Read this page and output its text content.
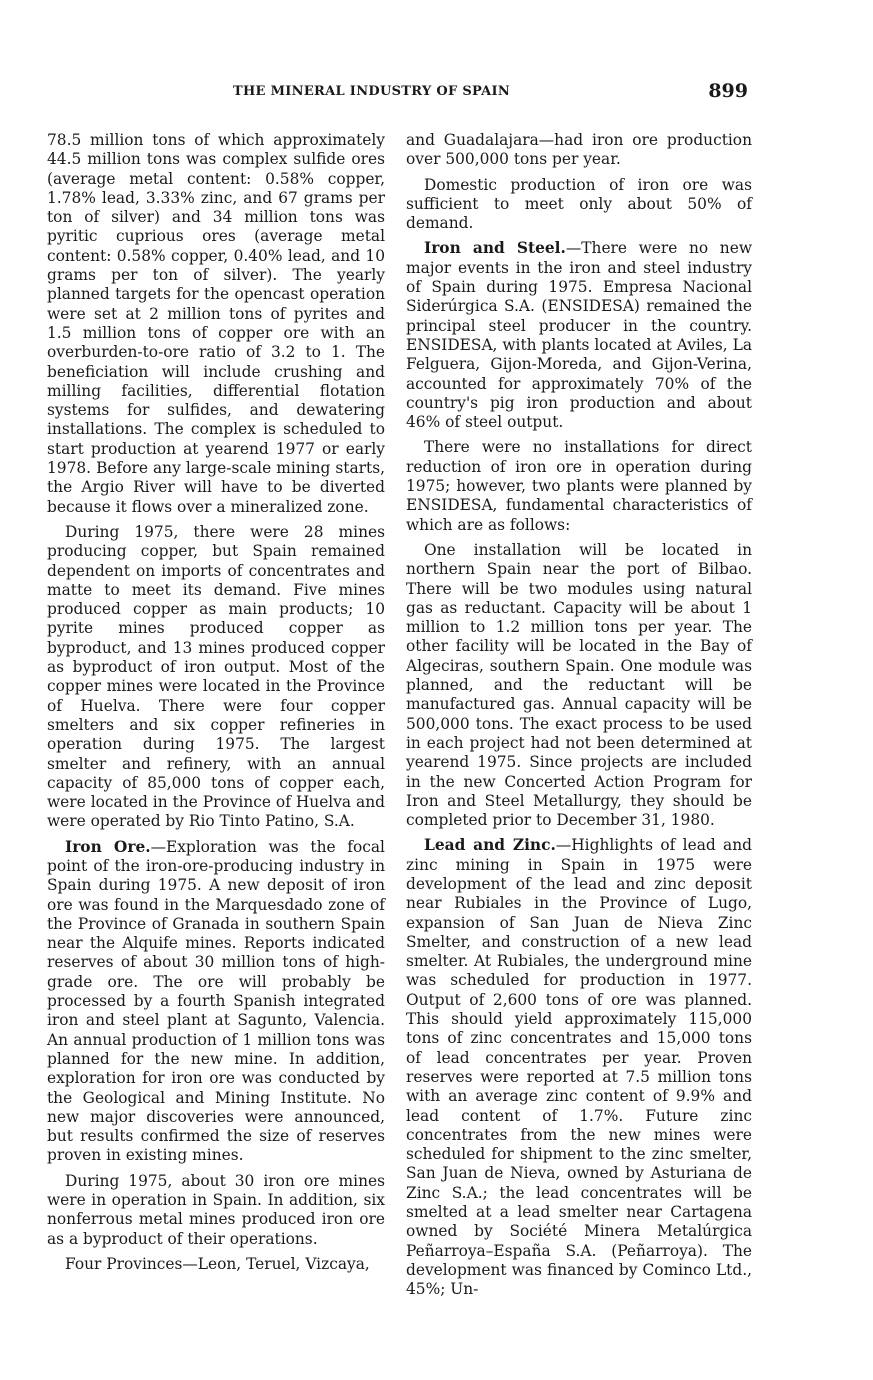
THE MINERAL INDUSTRY OF SPAIN	899

78.5 million tons of which approximately 44.5 million tons was complex sulfide ores (average metal content: 0.58% copper, 1.78% lead, 3.33% zinc, and 67 grams per ton of silver) and 34 million tons was pyritic cuprious ores (average metal content: 0.58% copper, 0.40% lead, and 10 grams per ton of silver). The yearly planned targets for the opencast operation were set at 2 million tons of pyrites and 1.5 million tons of copper ore with an overburden-to-ore ratio of 3.2 to 1. The beneficiation will include crushing and milling facilities, differential flotation systems for sulfides, and dewatering installations. The complex is scheduled to start production at yearend 1977 or early 1978. Before any large-scale mining starts, the Argio River will have to be diverted because it flows over a mineralized zone.

During 1975, there were 28 mines producing copper, but Spain remained dependent on imports of concentrates and matte to meet its demand. Five mines produced copper as main products; 10 pyrite mines produced copper as byproduct, and 13 mines produced copper as byproduct of iron output. Most of the copper mines were located in the Province of Huelva. There were four copper smelters and six copper refineries in operation during 1975. The largest smelter and refinery, with an annual capacity of 85,000 tons of copper each, were located in the Province of Huelva and were operated by Rio Tinto Patino, S.A.

Iron Ore.—Exploration was the focal point of the iron-ore-producing industry in Spain during 1975. A new deposit of iron ore was found in the Marquesdado zone of the Province of Granada in southern Spain near the Alquife mines. Reports indicated reserves of about 30 million tons of high-grade ore. The ore will probably be processed by a fourth Spanish integrated iron and steel plant at Sagunto, Valencia. An annual production of 1 million tons was planned for the new mine. In addition, exploration for iron ore was conducted by the Geological and Mining Institute. No new major discoveries were announced, but results confirmed the size of reserves proven in existing mines.

During 1975, about 30 iron ore mines were in operation in Spain. In addition, six nonferrous metal mines produced iron ore as a byproduct of their operations.

Four Provinces—Leon, Teruel, Vizcaya,

and Guadalajara—had iron ore production over 500,000 tons per year.

Domestic production of iron ore was sufficient to meet only about 50% of demand.

Iron and Steel.—There were no new major events in the iron and steel industry of Spain during 1975. Empresa Nacional Siderúrgica S.A. (ENSIDESA) remained the principal steel producer in the country. ENSIDESA, with plants located at Aviles, La Felguera, Gijon-Moreda, and Gijon-Verina, accounted for approximately 70% of the country's pig iron production and about 46% of steel output.

There were no installations for direct reduction of iron ore in operation during 1975; however, two plants were planned by ENSIDESA, fundamental characteristics of which are as follows:

One installation will be located in northern Spain near the port of Bilbao. There will be two modules using natural gas as reductant. Capacity will be about 1 million to 1.2 million tons per year. The other facility will be located in the Bay of Algeciras, southern Spain. One module was planned, and the reductant will be manufactured gas. Annual capacity will be 500,000 tons. The exact process to be used in each project had not been determined at yearend 1975. Since projects are included in the new Concerted Action Program for Iron and Steel Metallurgy, they should be completed prior to December 31, 1980.

Lead and Zinc.—Highlights of lead and zinc mining in Spain in 1975 were development of the lead and zinc deposit near Rubiales in the Province of Lugo, expansion of San Juan de Nieva Zinc Smelter, and construction of a new lead smelter. At Rubiales, the underground mine was scheduled for production in 1977. Output of 2,600 tons of ore was planned. This should yield approximately 115,000 tons of zinc concentrates and 15,000 tons of lead concentrates per year. Proven reserves were reported at 7.5 million tons with an average zinc content of 9.9% and lead content of 1.7%. Future zinc concentrates from the new mines were scheduled for shipment to the zinc smelter, San Juan de Nieva, owned by Asturiana de Zinc S.A.; the lead concentrates will be smelted at a lead smelter near Cartagena owned by Société Minera Metalúrgica Peñarroya–España S.A. (Peñarroya). The development was financed by Cominco Ltd., 45%; Un-
